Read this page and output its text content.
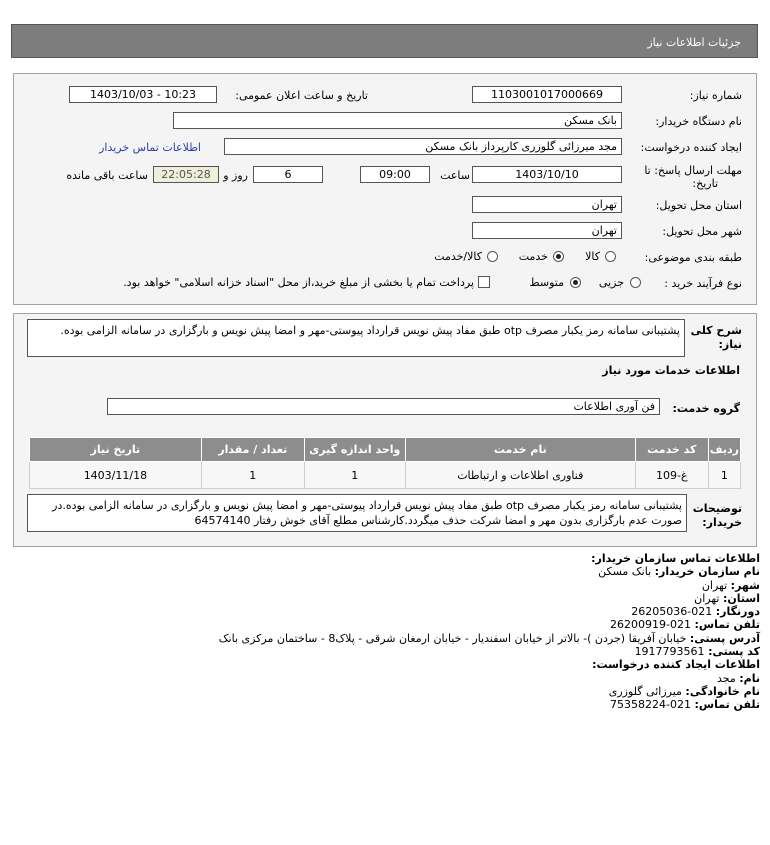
جزئیات اطلاعات نیاز
شماره نیاز:
1103001017000669
تاریخ و ساعت اعلان عمومی:
1403/10/03 - 10:23
نام دستگاه خریدار:
بانک مسکن
ایجاد کننده درخواست:
مجد میرزائی گلوزری کارپرداز بانک مسکن
اطلاعات تماس خریدار
مهلت ارسال پاسخ: تا
تاریخ:
1403/10/10
ساعت
09:00
6
روز و
22:05:28
ساعت باقی مانده
استان محل تحویل:
تهران
شهر محل تحویل:
تهران
طبقه بندی موضوعی:
کالا
خدمت
کالا/خدمت
نوع فرآیند خرید :
جزیی
متوسط
پرداخت تمام یا بخشی از مبلغ خرید،از محل "اسناد خزانه اسلامی" خواهد بود.
شرح کلی نیاز:
پشتیبانی سامانه رمز یکبار مصرف otp طبق مفاد پیش نویس قرارداد پیوستی-مهر و امضا پیش نویس و بارگزاری در سامانه الزامی بوده.
اطلاعات خدمات مورد نیاز
گروه خدمت:
فن آوری اطلاعات
ردیف	کد خدمت	نام خدمت	واحد اندازه گیری	تعداد / مقدار	تاریخ نیاز
1	غ-109	فناوری اطلاعات و ارتباطات	1	1	1403/11/18
توضیحات خریدار:
پشتیبانی سامانه رمز یکبار مصرف otp طبق مفاد پیش نویس قرارداد پیوستی-مهر و امضا پیش نویس و بارگزاری در سامانه الزامی بوده.در صورت عدم بارگزاری بدون مهر و امضا شرکت حذف میگردد.کارشناس مطلع آقای خوش رفتار 64574140
اطلاعات تماس سازمان خریدار:
نام سازمان خریدار: بانک مسکن
شهر: تهران
استان: تهران
دورنگار: 021-26205036
تلفن تماس: 021-26200919
آدرس پستی: خیابان آفریقا (جردن )- بالاتر از خیابان اسفندیار - خیابان ارمغان شرقی - پلاک8 - ساختمان مرکزی بانک
کد پستی: 1917793561
اطلاعات ایجاد کننده درخواست:
نام: مجد
نام خانوادگی: میرزائی گلوزری
تلفن تماس: 021-75358224
